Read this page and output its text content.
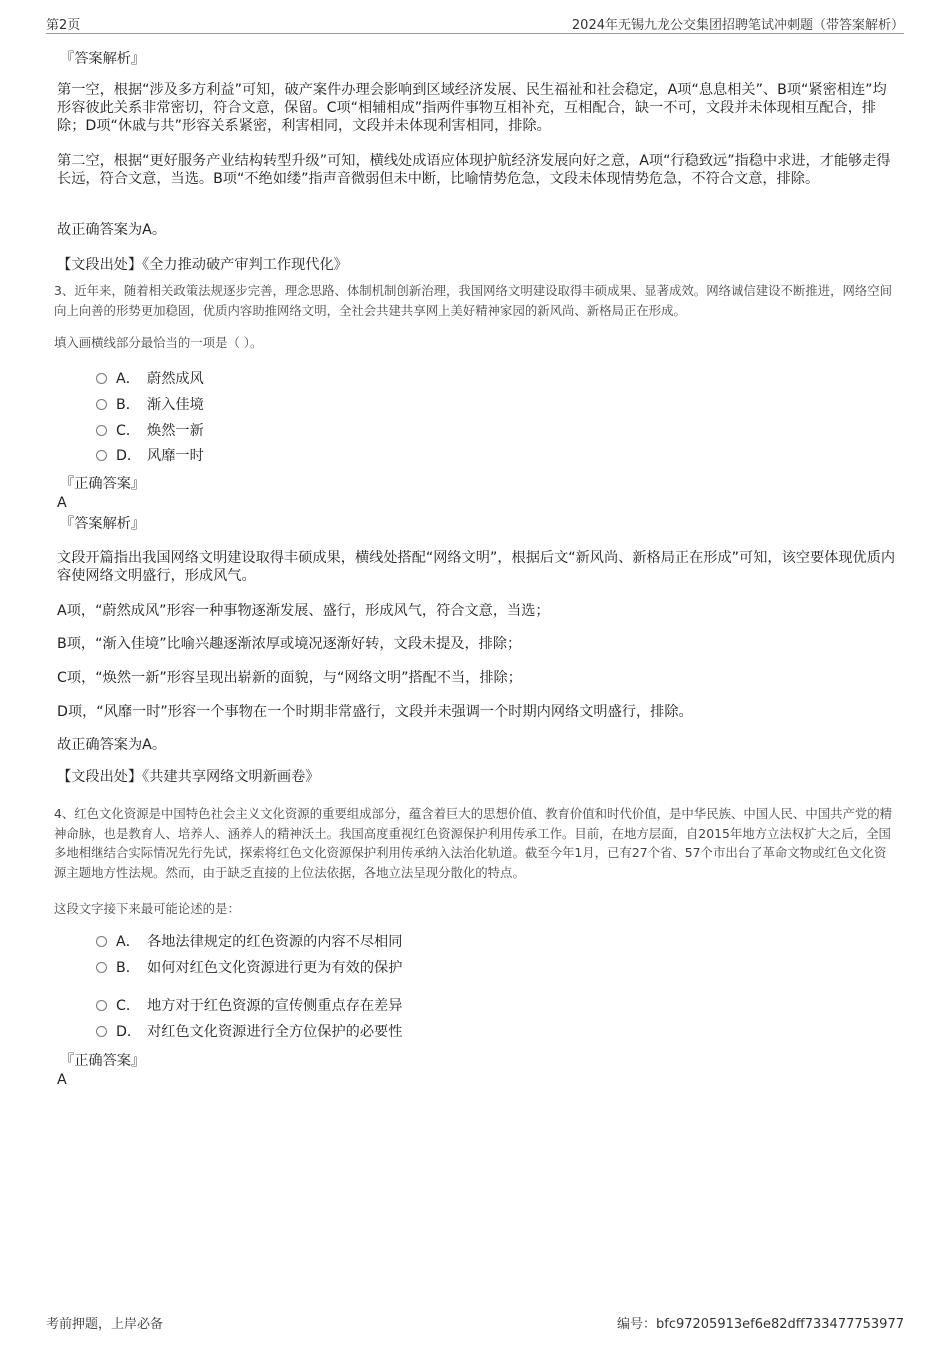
第2页	2024年无锡九龙公交集团招聘笔试冲刺题（带答案解析）
『答案解析』
第一空，根据“涉及多方利益”可知，破产案件办理会影响到区域经济发展、民生福祉和社会稳定，A项“息息相关”、B项“紧密相连”均形容彼此关系非常密切，符合文意，保留。C项“相辅相成”指两件事物互相补充，互相配合，缺一不可，文段并未体现相互配合，排除；D项“休戚与共”形容关系紧密，利害相同，文段并未体现利害相同，排除。
第二空，根据“更好服务产业结构转型升级”可知，横线处成语应体现护航经济发展向好之意，A项“行稳致远”指稳中求进，才能够走得长远，符合文意，当选。B项“不绝如缕”指声音微弱但未中断，比喻情势危急，文段未体现情势危急，不符合文意，排除。
故正确答案为A。
【文段出处】《全力推动破产审判工作现代化》
3、近年来，随着相关政策法规逐步完善，理念思路、体制机制创新治理，我国网络文明建设取得丰硕成果、显著成效。网络诚信建设不断推进，网络空间向上向善的形势更加稳固，优质内容助推网络文明，全社会共建共享网上美好精神家园的新风尚、新格局正在形成。
填入画横线部分最恰当的一项是（ ）。
A． 蔚然成风
B． 渐入佳境
C． 焕然一新
D． 风靡一时
『正确答案』
A
『答案解析』
文段开篇指出我国网络文明建设取得丰硕成果，横线处搭配“网络文明”，根据后文“新风尚、新格局正在形成”可知，该空要体现优质内容使网络文明盛行，形成风气。
A项，“蔚然成风”形容一种事物逐渐发展、盛行，形成风气，符合文意，当选；
B项，“渐入佳境”比喻兴趣逐渐浓厚或境况逐渐好转，文段未提及，排除；
C项，“焕然一新”形容呈现出崭新的面貌，与“网络文明”搭配不当，排除；
D项，“风靡一时”形容一个事物在一个时期非常盛行，文段并未强调一个时期内网络文明盛行，排除。
故正确答案为A。
【文段出处】《共建共享网络文明新画卷》
4、红色文化资源是中国特色社会主义文化资源的重要组成部分，蕴含着巨大的思想价值、教育价值和时代价值，是中华民族、中国人民、中国共产党的精神命脉，也是教育人、培养人、涵养人的精神沃土。我国高度重视红色资源保护利用传承工作。目前，在地方层面，自2015年地方立法权扩大之后，全国多地相继结合实际情况先行先试，探索将红色文化资源保护利用传承纳入法治化轨道。截至今年1月，已有27个省、57个市出台了革命文物或红色文化资源主题地方性法规。然而，由于缺乏直接的上位法依据，各地立法呈现分散化的特点。
这段文字接下来最可能论述的是：
A． 各地法律规定的红色资源的内容不尽相同
B． 如何对红色文化资源进行更为有效的保护
C． 地方对于红色资源的宣传侧重点存在差异
D． 对红色文化资源进行全方位保护的必要性
『正确答案』
A
考前押题，上岸必备	编号：bfc97205913ef6e82dff733477753977
